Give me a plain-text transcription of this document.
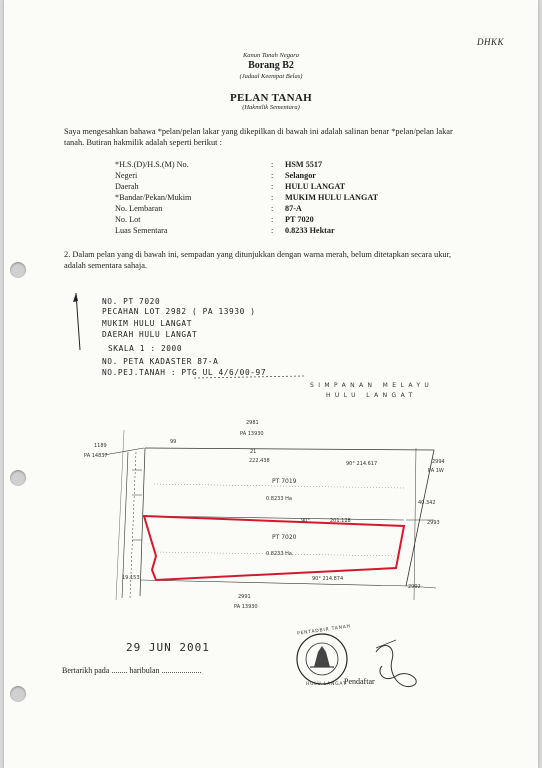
DHKK
Kanun Tanah Negara
Borang B2
(Jadual Keempat Belas)
PELAN TANAH
(Hakmilik Sementara)
Saya mengesahkan bahawa *pelan/pelan lakar yang dikepilkan di bawah ini adalah salinan benar *pelan/pelan lakar tanah. Butiran hakmilik adalah seperti berikut :
*H.S.(D)/H.S.(M) No.	: HSM 5517
Negeri	: Selangor
Daerah	: HULU LANGAT
*Bandar/Pekan/Mukim	: MUKIM HULU LANGAT
No. Lembaran	: 87-A
No. Lot	: PT 7020
Luas Sementara	: 0.8233 Hektar
2. Dalam pelan yang di bawah ini, sempadan yang ditunjukkan dengan warna merah, belum ditetapkan secara ukur, adalah sementara sahaja.
NO. PT 7020
PECAHAN LOT 2982 ( PA 13930 )
MUKIM HULU LANGAT
DAERAH HULU LANGAT
SKALA 1 : 2000
NO. PETA KADASTER 87-A
NO.PEJ.TANAH : PTG UL 4/6/00-97
SIMPANAN MELAYU
HULU LANGAT
2981
PA 13930
1189
PA 14837
99
21
222.438	90° 214.617	2994
PA 1W
PT 7019
0.8233 Ha
90°	201.128	2993
40.342
PT 7020
0.8233 Ha
19.153	90° 214.874
2992
2991
PA 13930
29 JUN 2001
Bertarikh pada ........ haribulan ....................
Pendaftar
PENTADBIR TANAH
HULU LANGAT
